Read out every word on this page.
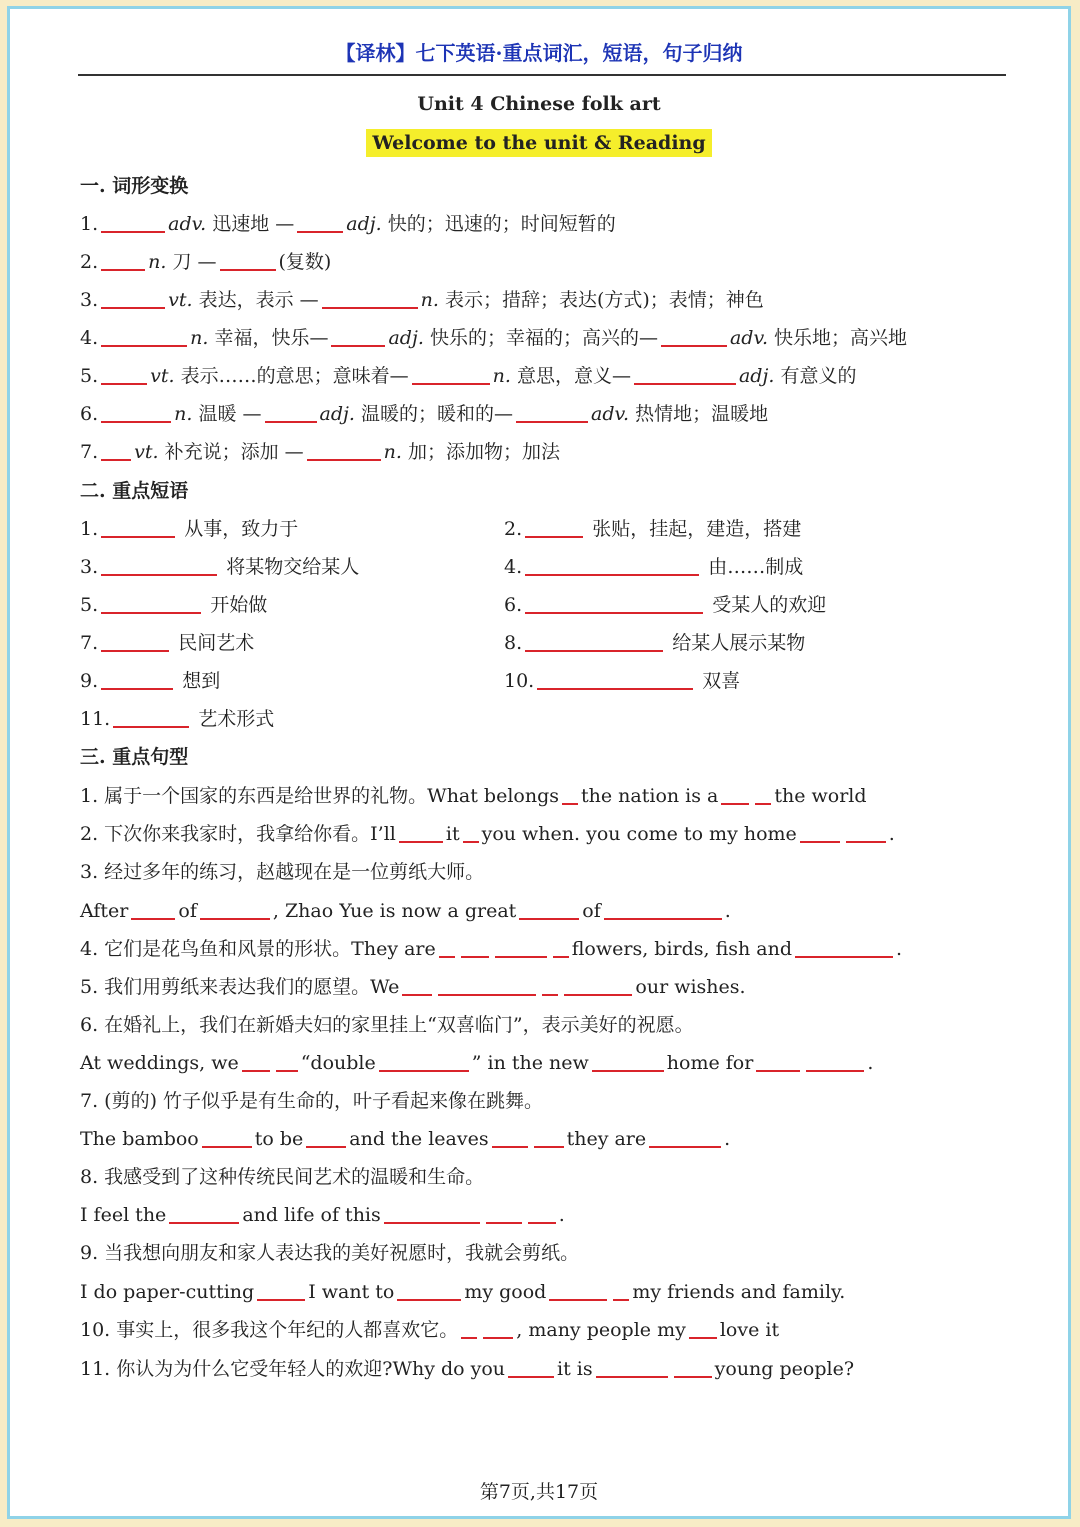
【译林】七下英语·重点词汇，短语，句子归纳
Unit 4 Chinese folk art
Welcome to the unit & Reading
一. 词形变换
1.	adv. 迅速地 —	adj. 快的；迅速的；时间短暂的
2.	n. 刀 —	(复数)
3.	vt. 表达，表示 —	n. 表示；措辞；表达(方式)；表情；神色
4.	n. 幸福，快乐—	adj. 快乐的；幸福的；高兴的—	adv. 快乐地；高兴地
5.	vt. 表示……的意思；意味着—	n. 意思，意义—	adj. 有意义的
6.	n. 温暖 —	adj. 温暖的；暖和的—	adv. 热情地；温暖地
7. vt. 补充说；添加 —	n. 加；添加物；加法
二. 重点短语
1.	从事，致力于	2.	张贴，挂起，建造，搭建
3.	将某物交给某人	4.	由……制成
5.	开始做	6.	受某人的欢迎
7.	民间艺术	8.	给某人展示某物
9.	想到	10.	双喜
11.	艺术形式
三. 重点句型
1. 属于一个国家的东西是给世界的礼物。What belongs the nation is a	the world
2. 下次你来我家时，我拿给你看。I’ll	it you when. you come to my home	.
3. 经过多年的练习，赵越现在是一位剪纸大师。
After	of	, Zhao Yue is now a great	of	.
4. 它们是花鸟鱼和风景的形状。They are	flowers, birds, fish and	.
5. 我们用剪纸来表达我们的愿望。We	our wishes.
6. 在婚礼上，我们在新婚夫妇的家里挂上“双喜临门”，表示美好的祝愿。
At weddings, we	“double	” in the new	home for	.
7. (剪的) 竹子似乎是有生命的，叶子看起来像在跳舞。
The bamboo	to be and the leaves	they are	.
8. 我感受到了这种传统民间艺术的温暖和生命。
I feel the	and life of this	.
9. 当我想向朋友和家人表达我的美好祝愿时，我就会剪纸。
I do paper-cutting	I want to	my good	my friends and family.
10. 事实上，很多我这个年纪的人都喜欢它。	, many people my love it
11. 你认为为什么它受年轻人的欢迎?Why do you	it is	young people?
第7页,共17页
